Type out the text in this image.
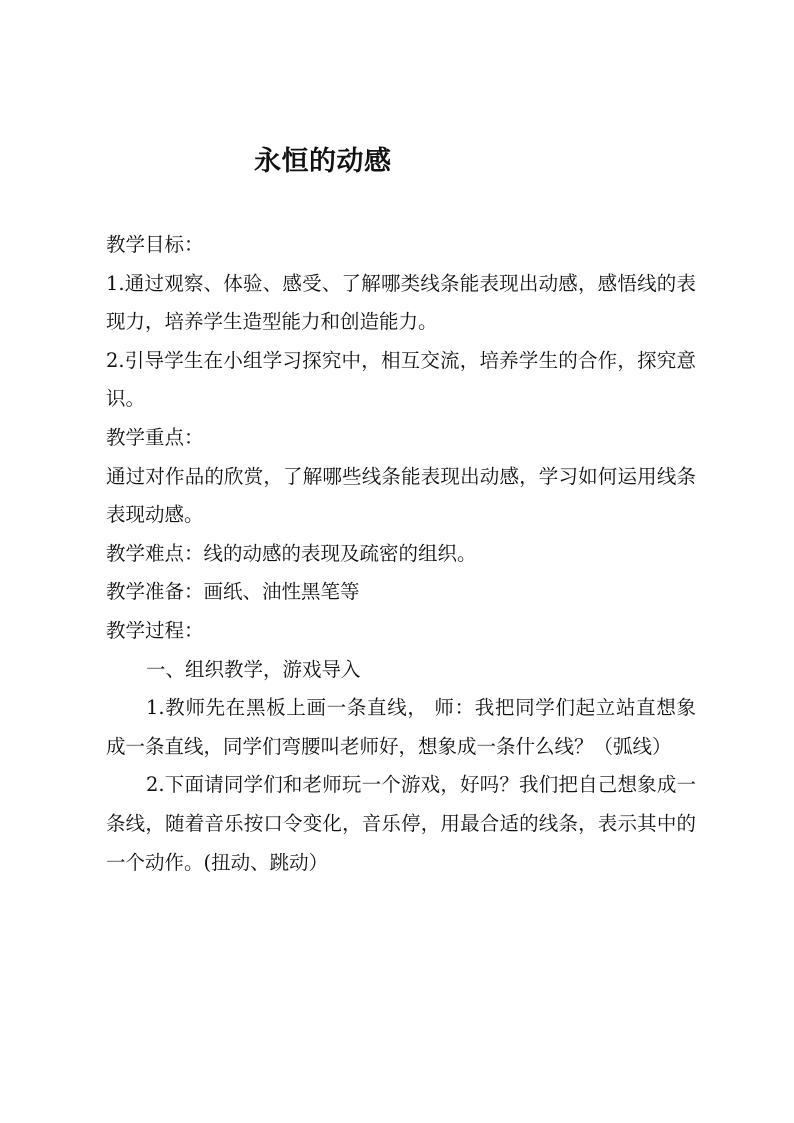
永恒的动感

教学目标：

1.通过观察、体验、感受、了解哪类线条能表现出动感，感悟线的表现力，培养学生造型能力和创造能力。

2.引导学生在小组学习探究中，相互交流，培养学生的合作，探究意识。

教学重点：

通过对作品的欣赏，了解哪些线条能表现出动感，学习如何运用线条表现动感。

教学难点：线的动感的表现及疏密的组织。

教学准备：画纸、油性黑笔等

教学过程：

一、组织教学，游戏导入

1.教师先在黑板上画一条直线， 师：我把同学们起立站直想象成一条直线，同学们弯腰叫老师好，想象成一条什么线？（弧线）

2.下面请同学们和老师玩一个游戏，好吗？我们把自己想象成一条线，随着音乐按口令变化，音乐停，用最合适的线条，表示其中的一个动作。(扭动、跳动）
